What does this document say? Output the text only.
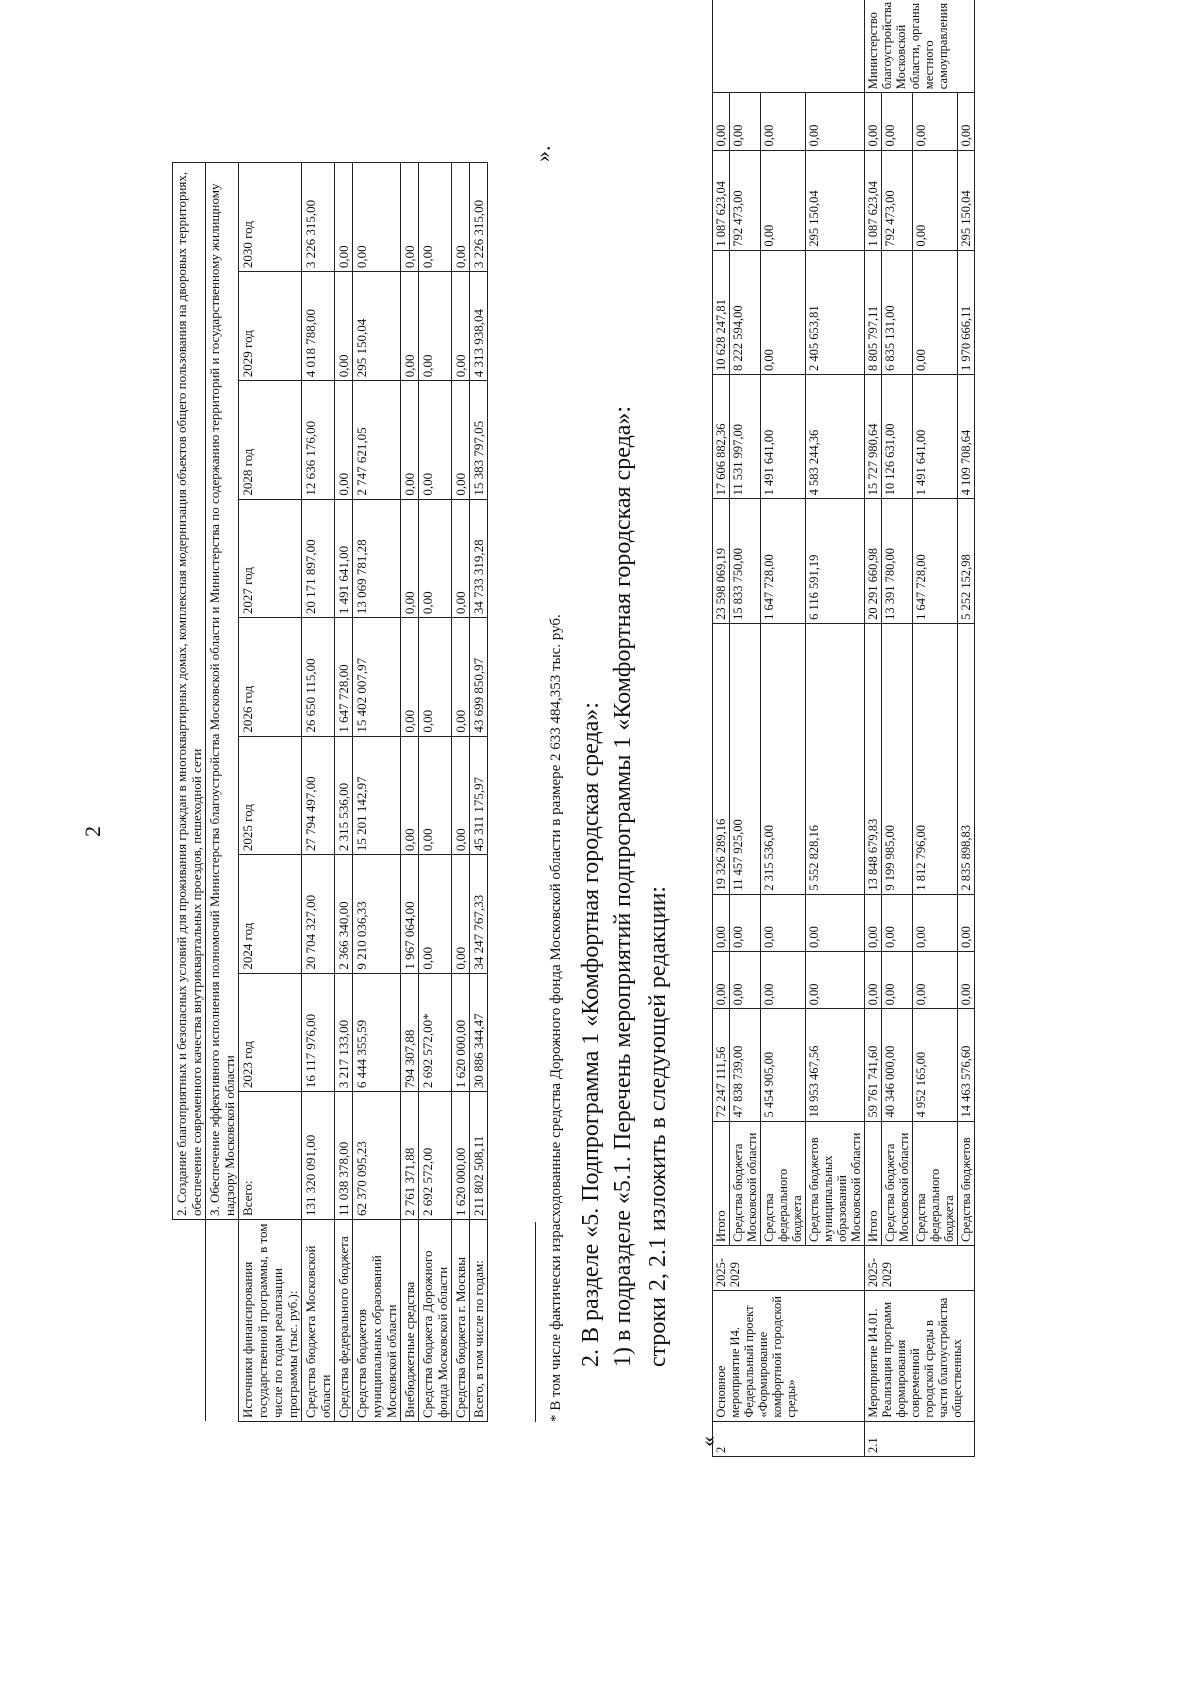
2
		2. Создание благоприятных и безопасных условий для проживания граждан в многоквартирных домах, комплексная модернизация объектов общего пользования на дворовых территориях, обеспечение современного качества внутриквартальных проездов, пешеходной сети								
	3. Обеспечение эффективного исполнения полномочий Министерства благоустройства Московской области и Министерства по содержанию территорий и государственному жилищному надзору Московской области								
Источники финансирования государственной программы, в том числе по годам реализации программы (тыс. руб.):	Всего:	2023 год	2024 год	2025 год	2026 год	2027 год	2028 год	2029 год	2030 год
Средства бюджета Московской области	131 320 091,00	16 117 976,00	20 704 327,00	27 794 497,00	26 650 115,00	20 171 897,00	12 636 176,00	4 018 788,00	3 226 315,00
Средства федерального бюджета	11 038 378,00	3 217 133,00	2 366 340,00	2 315 536,00	1 647 728,00	1 491 641,00	0,00	0,00	0,00
Средства бюджетов муниципальных образований Московской области	62 370 095,23	6 444 355,59	9 210 036,33	15 201 142,97	15 402 007,97	13 069 781,28	2 747 621,05	295 150,04	0,00
Внебюджетные средства	2 761 371,88	794 307,88	1 967 064,00	0,00	0,00	0,00	0,00	0,00	0,00
Средства бюджета Дорожного фонда Московской области	2 692 572,00	2 692 572,00*	0,00	0,00	0,00	0,00	0,00	0,00	0,00
Средства бюджета г. Москвы	1 620 000,00	1 620 000,00	0,00	0,00	0,00	0,00	0,00	0,00	0,00
Всего, в том числе по годам:	211 802 508,11	30 886 344,47	34 247 767,33	45 311 175,97	43 699 850,97	34 733 319,28	15 383 797,05	4 313 938,04	3 226 315,00
».
* В том числе фактически израсходованные средства Дорожного фонда Московской области в размере 2 633 484,353 тыс. руб. 2. В разделе «5. Подпрограмма 1 «Комфортная городская среда»: 1) в подразделе «5.1. Перечень мероприятий подпрограммы 1 «Комфортная городская среда»: строки 2, 2.1 изложить в следующей редакции:
«
2	Основное мероприятие И4. Федеральный проект «Формирование комфортной городской среды»	2025-2029	Итого	72 247 111,56	0,00	0,00	19 326 289,16	23 598 069,19	17 606 882,36	10 628 247,81	1 087 623,04	0,00	
			Средства бюджета Московской области	47 838 739,00	0,00	0,00	11 457 925,00	15 833 750,00	11 531 997,00	8 222 594,00	792 473,00	0,00	
			Средства федерального бюджета	5 454 905,00	0,00	0,00	2 315 536,00	1 647 728,00	1 491 641,00	0,00	0,00	0,00	
			Средства бюджетов муниципальных образований Московской области	18 953 467,56	0,00	0,00	5 552 828,16	6 116 591,19	4 583 244,36	2 405 653,81	295 150,04	0,00	
2.1	Мероприятие И4.01. Реализация программ формирования современной городской среды в части благоустройства общественных	2025-2029	Итого	59 761 741,60	0,00	0,00	13 848 679,83	20 291 660,98	15 727 980,64	8 805 797,11	1 087 623,04	0,00	Министерство благоустройства Московской области, органы местного самоуправления
			Средства бюджета Московской области	40 346 000,00	0,00	0,00	9 199 985,00	13 391 780,00	10 126 631,00	6 835 131,00	792 473,00	0,00	
			Средства федерального бюджета	4 952 165,00	0,00	0,00	1 812 796,00	1 647 728,00	1 491 641,00	0,00	0,00	0,00	
			Средства бюджетов	14 463 576,60	0,00	0,00	2 835 898,83	5 252 152,98	4 109 708,64	1 970 666,11	295 150,04	0,00	
